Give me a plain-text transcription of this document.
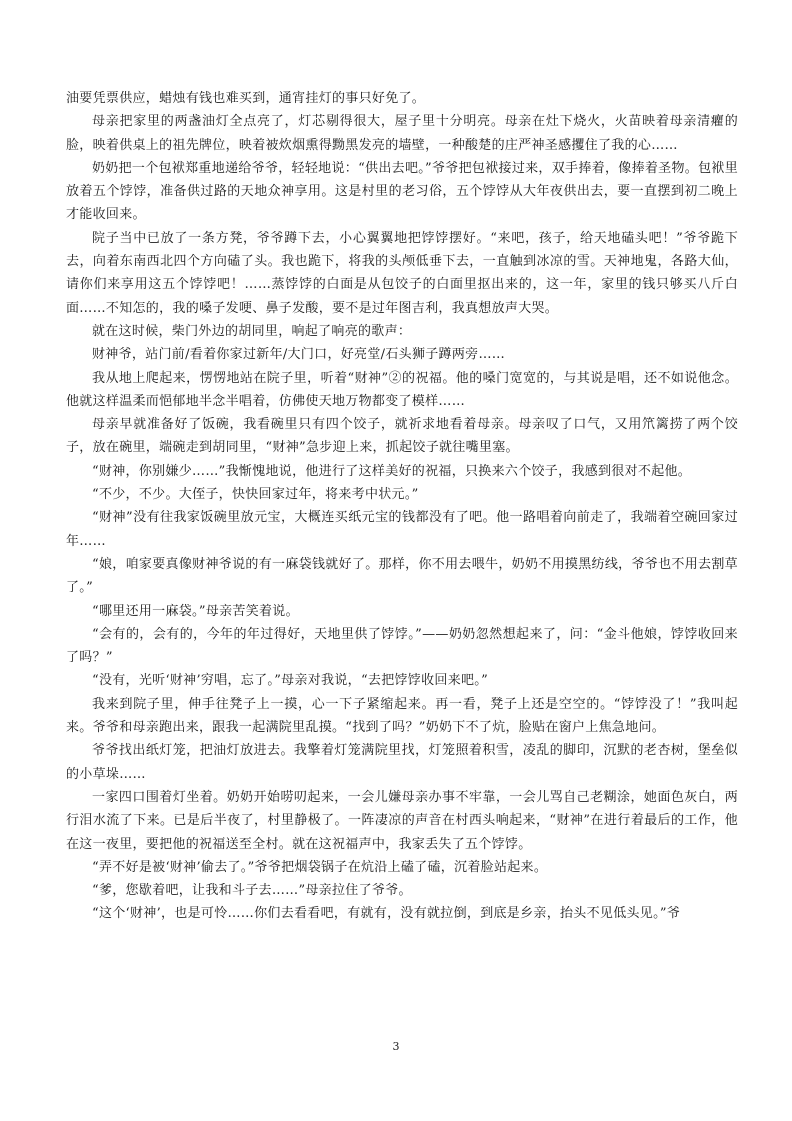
油要凭票供应，蜡烛有钱也难买到，通宵挂灯的事只好免了。

母亲把家里的两盏油灯全点亮了，灯芯剔得很大，屋子里十分明亮。母亲在灶下烧火，火苗映着母亲清癯的脸，映着供桌上的祖先牌位，映着被炊烟熏得黝黑发亮的墙壁，一种酸楚的庄严神圣感攫住了我的心……

奶奶把一个包袱郑重地递给爷爷，轻轻地说：“供出去吧。”爷爷把包袱接过来，双手捧着，像捧着圣物。包袱里放着五个饽饽，准备供过路的天地众神享用。这是村里的老习俗，五个饽饽从大年夜供出去，要一直摆到初二晚上才能收回来。

院子当中已放了一条方凳，爷爷蹲下去，小心翼翼地把饽饽摆好。“来吧，孩子，给天地磕头吧！”爷爷跪下去，向着东南西北四个方向磕了头。我也跪下，将我的头颅低垂下去，一直触到冰凉的雪。天神地鬼，各路大仙，请你们来享用这五个饽饽吧！……蒸饽饽的白面是从包饺子的白面里抠出来的，这一年，家里的钱只够买八斤白面……不知怎的，我的嗓子发哽、鼻子发酸，要不是过年图吉利，我真想放声大哭。

就在这时候，柴门外边的胡同里，响起了响亮的歌声：

财神爷，站门前/看着你家过新年/大门口，好亮堂/石头狮子蹲两旁……

我从地上爬起来，愣愣地站在院子里，听着“财神”②的祝福。他的嗓门宽宽的，与其说是唱，还不如说他念。他就这样温柔而悒郁地半念半唱着，仿佛使天地万物都变了模样……

母亲早就准备好了饭碗，我看碗里只有四个饺子，就祈求地看着母亲。母亲叹了口气，又用笊篱捞了两个饺子，放在碗里，端碗走到胡同里，“财神”急步迎上来，抓起饺子就往嘴里塞。

“财神，你别嫌少……”我惭愧地说，他进行了这样美好的祝福，只换来六个饺子，我感到很对不起他。

“不少，不少。大侄子，快快回家过年，将来考中状元。”

“财神”没有往我家饭碗里放元宝，大概连买纸元宝的钱都没有了吧。他一路唱着向前走了，我端着空碗回家过年……

“娘，咱家要真像财神爷说的有一麻袋钱就好了。那样，你不用去喂牛，奶奶不用摸黑纺线，爷爷也不用去割草了。”

“哪里还用一麻袋。”母亲苦笑着说。

“会有的，会有的，今年的年过得好，天地里供了饽饽。”——奶奶忽然想起来了，问：“金斗他娘，饽饽收回来了吗？”

“没有，光听‘财神’穷唱，忘了。”母亲对我说，“去把饽饽收回来吧。”

我来到院子里，伸手往凳子上一摸，心一下子紧缩起来。再一看，凳子上还是空空的。“饽饽没了！”我叫起来。爷爷和母亲跑出来，跟我一起满院里乱摸。“找到了吗？”奶奶下不了炕，脸贴在窗户上焦急地问。

爷爷找出纸灯笼，把油灯放进去。我擎着灯笼满院里找，灯笼照着积雪，凌乱的脚印，沉默的老杏树，堡垒似的小草垛……

一家四口围着灯坐着。奶奶开始唠叨起来，一会儿嫌母亲办事不牢靠，一会儿骂自己老糊涂，她面色灰白，两行泪水流了下来。已是后半夜了，村里静极了。一阵凄凉的声音在村西头响起来，“财神”在进行着最后的工作，他在这一夜里，要把他的祝福送至全村。就在这祝福声中，我家丢失了五个饽饽。

“弄不好是被‘财神’偷去了。”爷爷把烟袋锅子在炕沿上磕了磕，沉着脸站起来。

“爹，您歇着吧，让我和斗子去……”母亲拉住了爷爷。

“这个‘财神’，也是可怜……你们去看看吧，有就有，没有就拉倒，到底是乡亲，抬头不见低头见。”爷

3
